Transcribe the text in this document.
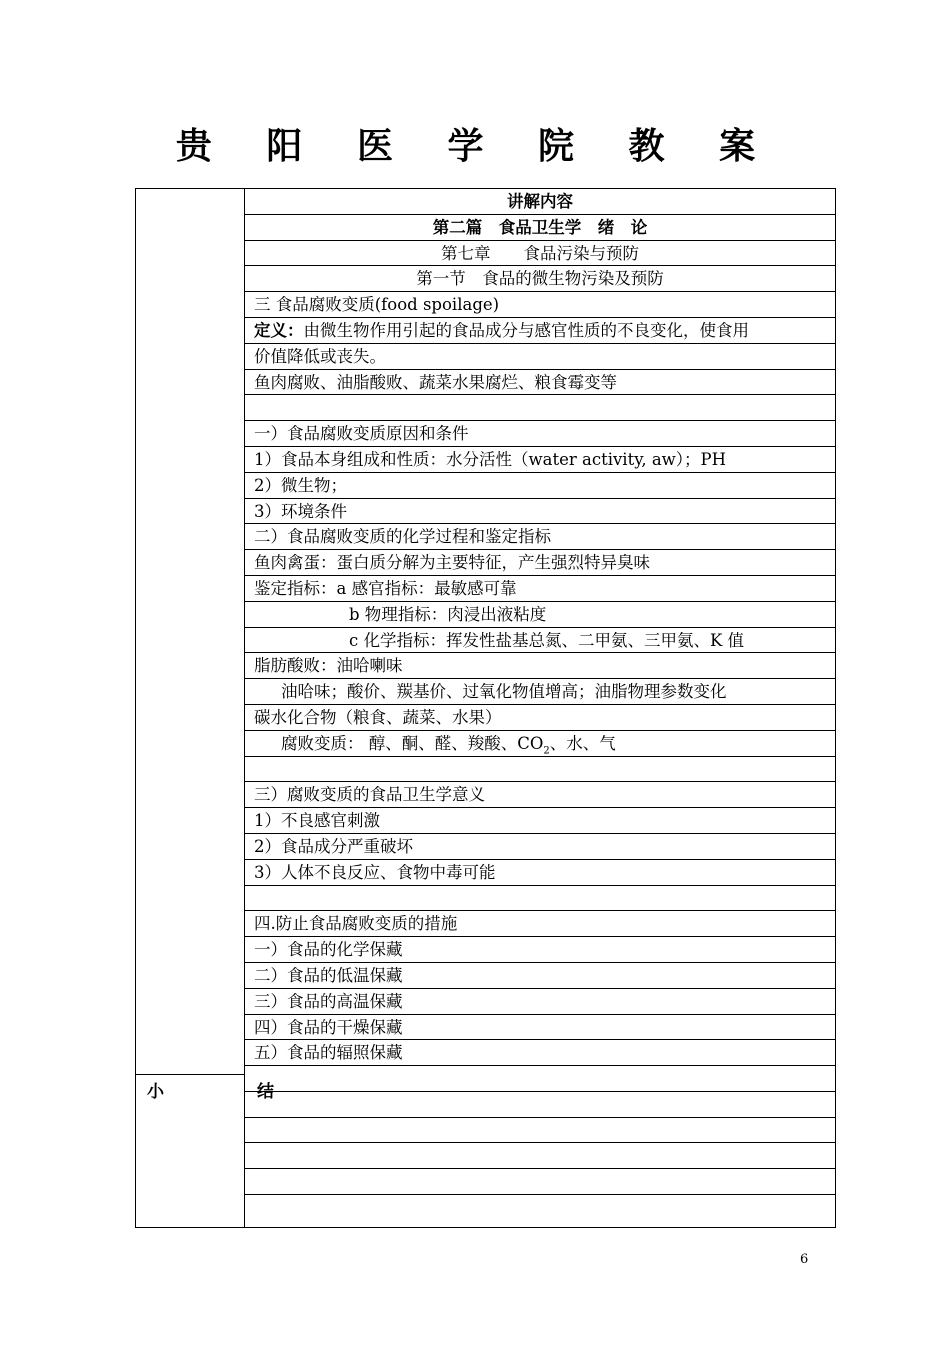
贵 阳 医 学 院 教 案
小　结
讲解内容
第二篇　食品卫生学　绪　论
第七章　　食品污染与预防
第一节　食品的微生物污染及预防
三 食品腐败变质(food spoilage)
定义：由微生物作用引起的食品成分与感官性质的不良变化，使食用
价值降低或丧失。
鱼肉腐败、油脂酸败、蔬菜水果腐烂、粮食霉变等
一）食品腐败变质原因和条件
1）食品本身组成和性质：水分活性（water activity, aw）；PH
2）微生物；
3）环境条件
二）食品腐败变质的化学过程和鉴定指标
鱼肉禽蛋：蛋白质分解为主要特征，产生强烈特异臭味
鉴定指标：a 感官指标：最敏感可靠
b 物理指标：肉浸出液粘度
c 化学指标：挥发性盐基总氮、二甲氨、三甲氨、K 值
脂肪酸败：油哈喇味
油哈味；酸价、羰基价、过氧化物值增高；油脂物理参数变化
碳水化合物（粮食、蔬菜、水果）
腐败变质： 醇、酮、醛、羧酸、$CO_2$、水、气
三）腐败变质的食品卫生学意义
1）不良感官刺激
2）食品成分严重破坏
3）人体不良反应、食物中毒可能
四.防止食品腐败变质的措施
一）食品的化学保藏
二）食品的低温保藏
三）食品的高温保藏
四）食品的干燥保藏
五）食品的辐照保藏
6
